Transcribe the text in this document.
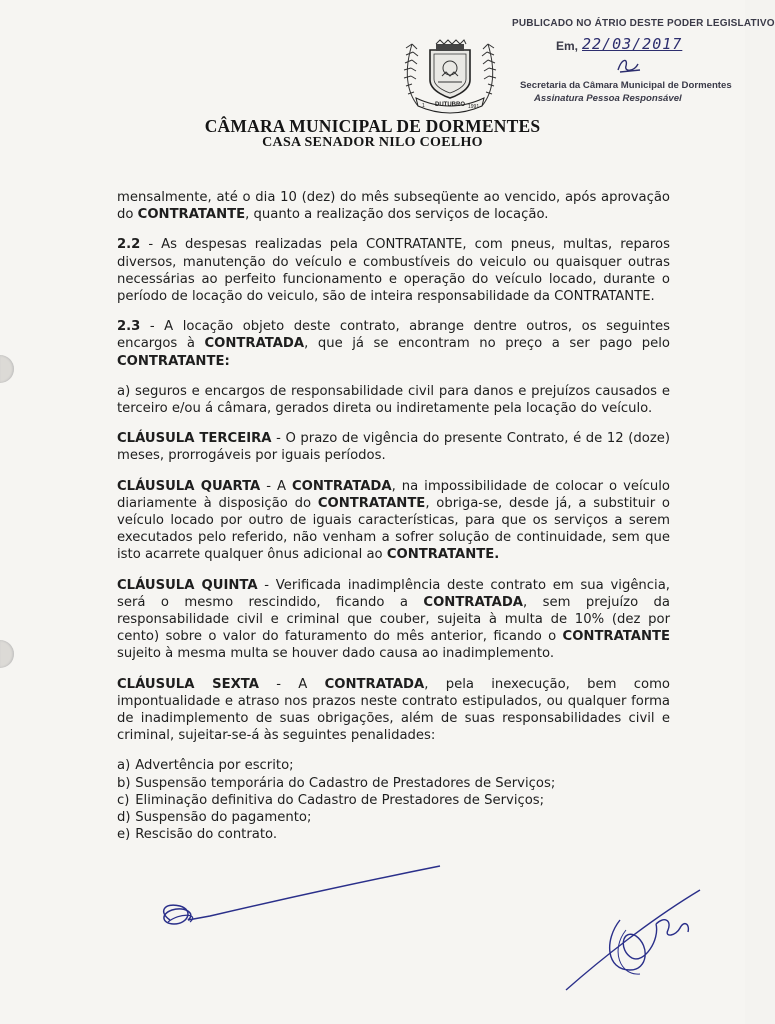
PUBLICADO NO ÁTRIO DESTE PODER LEGISLATIVO
Em, 22/03/2017
Secretaria da Câmara Municipal de Dormentes
Assinatura Pessoa Responsável
DUTUBRO
1	1991
CÂMARA MUNICIPAL DE DORMENTES
CASA SENADOR NILO COELHO

mensalmente, até o dia 10 (dez) do mês subseqüente ao vencido, após aprovação do CONTRATANTE, quanto a realização dos serviços de locação.

2.2 - As despesas realizadas pela CONTRATANTE, com pneus, multas, reparos diversos, manutenção do veículo e combustíveis do veiculo ou quaisquer outras necessárias ao perfeito funcionamento e operação do veículo locado, durante o período de locação do veiculo, são de inteira responsabilidade da CONTRATANTE.

2.3 - A locação objeto deste contrato, abrange dentre outros, os seguintes encargos à CONTRATADA, que já se encontram no preço a ser pago pelo CONTRATANTE:

a) seguros e encargos de responsabilidade civil para danos e prejuízos causados e terceiro e/ou á câmara, gerados direta ou indiretamente pela locação do veículo.

CLÁUSULA TERCEIRA - O prazo de vigência do presente Contrato, é de 12 (doze) meses, prorrogáveis por iguais períodos.

CLÁUSULA QUARTA - A CONTRATADA, na impossibilidade de colocar o veículo diariamente à disposição do CONTRATANTE, obriga-se, desde já, a substituir o veículo locado por outro de iguais características, para que os serviços a serem executados pelo referido, não venham a sofrer solução de continuidade, sem que isto acarrete qualquer ônus adicional ao CONTRATANTE.

CLÁUSULA QUINTA - Verificada inadimplência deste contrato em sua vigência, será o mesmo rescindido, ficando a CONTRATADA, sem prejuízo da responsabilidade civil e criminal que couber, sujeita à multa de 10% (dez por cento) sobre o valor do faturamento do mês anterior, ficando o CONTRATANTE sujeito à mesma multa se houver dado causa ao inadimplemento.

CLÁUSULA SEXTA - A CONTRATADA, pela inexecução, bem como impontualidade e atraso nos prazos neste contrato estipulados, ou qualquer forma de inadimplemento de suas obrigações, além de suas responsabilidades civil e criminal, sujeitar-se-á às seguintes penalidades:

a) Advertência por escrito;
b) Suspensão temporária do Cadastro de Prestadores de Serviços;
c) Eliminação definitiva do Cadastro de Prestadores de Serviços;
d) Suspensão do pagamento;
e) Rescisão do contrato.
